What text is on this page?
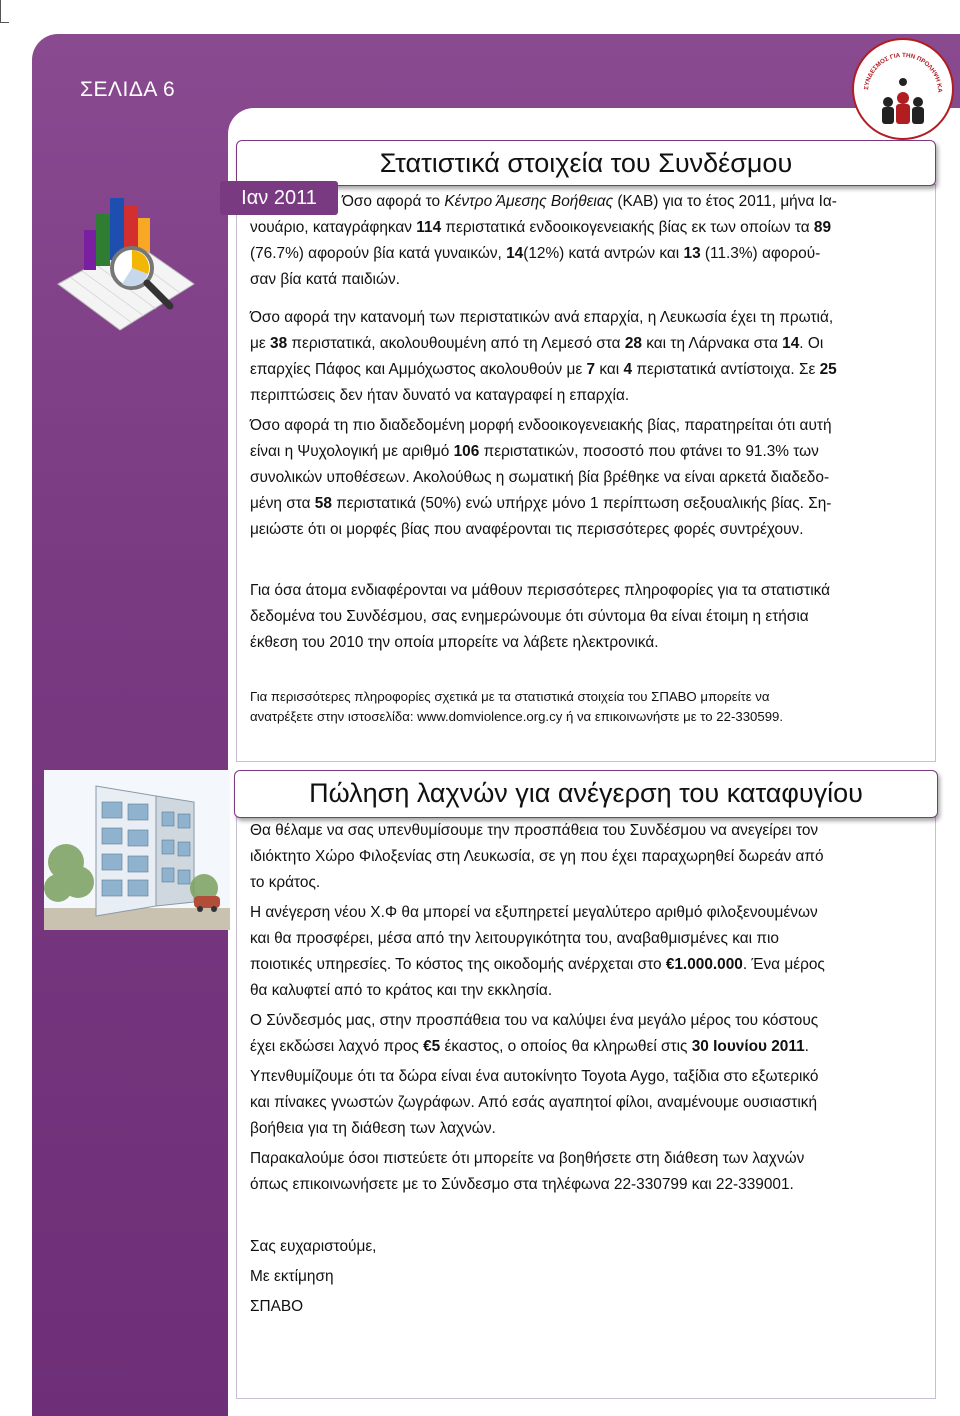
ΣΕΛΙΔΑ 6	ΣΥΝΔΕΣΜΟΣ ΓΙΑ ΤΗΝ ΠΡΟΛΗΨΗ ΚΑ
Στατιστικά στοιχεία του Συνδέσμου
Ιαν 2011	Όσο αφορά το Κέντρο Άμεσης Βοήθειας (ΚΑΒ) για το έτος 2011, μήνα Ια-
νουάριο, καταγράφηκαν 114 περιστατικά ενδοοικογενειακής βίας εκ των οποίων τα 89
(76.7%) αφορούν βία κατά γυναικών, 14(12%) κατά αντρών και 13 (11.3%) αφορού-
σαν βία κατά παιδιών.
Όσο αφορά την κατανομή των περιστατικών ανά επαρχία, η Λευκωσία έχει τη πρωτιά,
με 38 περιστατικά, ακολουθουμένη από τη Λεμεσό στα 28 και τη Λάρνακα στα 14. Οι
επαρχίες Πάφος και Αμμόχωστος ακολουθούν με 7 και 4 περιστατικά αντίστοιχα. Σε 25
περιπτώσεις δεν ήταν δυνατό να καταγραφεί η επαρχία.
Όσο αφορά τη πιο διαδεδομένη μορφή ενδοοικογενειακής βίας, παρατηρείται ότι αυτή
είναι η Ψυχολογική με αριθμό 106 περιστατικών, ποσοστό που φτάνει το 91.3% των
συνολικών υποθέσεων. Ακολούθως η σωματική βία βρέθηκε να είναι αρκετά διαδεδο-
μένη στα 58 περιστατικά (50%) ενώ υπήρχε μόνο 1 περίπτωση σεξουαλικής βίας. Ση-
μειώστε ότι οι μορφές βίας που αναφέρονται τις περισσότερες φορές συντρέχουν.
Για όσα άτομα ενδιαφέρονται να μάθουν περισσότερες πληροφορίες για τα στατιστικά
δεδομένα του Συνδέσμου, σας ενημερώνουμε ότι σύντομα θα είναι έτοιμη η ετήσια
έκθεση του 2010 την οποία μπορείτε να λάβετε ηλεκτρονικά.
Για περισσότερες πληροφορίες σχετικά με τα στατιστικά στοιχεία του ΣΠΑΒΟ μπορείτε να
ανατρέξετε στην ιστοσελίδα: www.domviolence.org.cy ή να επικοινωνήστε με το 22-330599.
Πώληση λαχνών για ανέγερση του καταφυγίου
Θα θέλαμε να σας υπενθυμίσουμε την προσπάθεια του Συνδέσμου να ανεγείρει τον
ιδιόκτητο Χώρο Φιλοξενίας στη Λευκωσία, σε γη που έχει παραχωρηθεί δωρεάν από
το κράτος.
Η ανέγερση νέου Χ.Φ θα μπορεί να εξυπηρετεί μεγαλύτερο αριθμό φιλοξενουμένων
και θα προσφέρει, μέσα από την λειτουργικότητα του, αναβαθμισμένες και πιο
ποιοτικές υπηρεσίες. Το κόστος της οικοδομής ανέρχεται στο €1.000.000. Ένα μέρος
θα καλυφτεί από το κράτος και την εκκλησία.
Ο Σύνδεσμός μας, στην προσπάθεια του να καλύψει ένα μεγάλο μέρος του κόστους
έχει εκδώσει λαχνό προς €5 έκαστος, ο οποίος θα κληρωθεί στις 30 Ιουνίου 2011.
Υπενθυμίζουμε ότι τα δώρα είναι ένα αυτοκίνητο Toyota Aygo, ταξίδια στο εξωτερικό
και πίνακες γνωστών ζωγράφων. Από εσάς αγαπητοί φίλοι, αναμένουμε ουσιαστική
βοήθεια για τη διάθεση των λαχνών.
Παρακαλούμε όσοι πιστεύετε ότι μπορείτε να βοηθήσετε στη διάθεση των λαχνών
όπως επικοινωνήσετε με το Σύνδεσμο στα τηλέφωνα 22-330799 και 22-339001.
Σας ευχαριστούμε,
Με εκτίμηση
ΣΠΑΒΟ
